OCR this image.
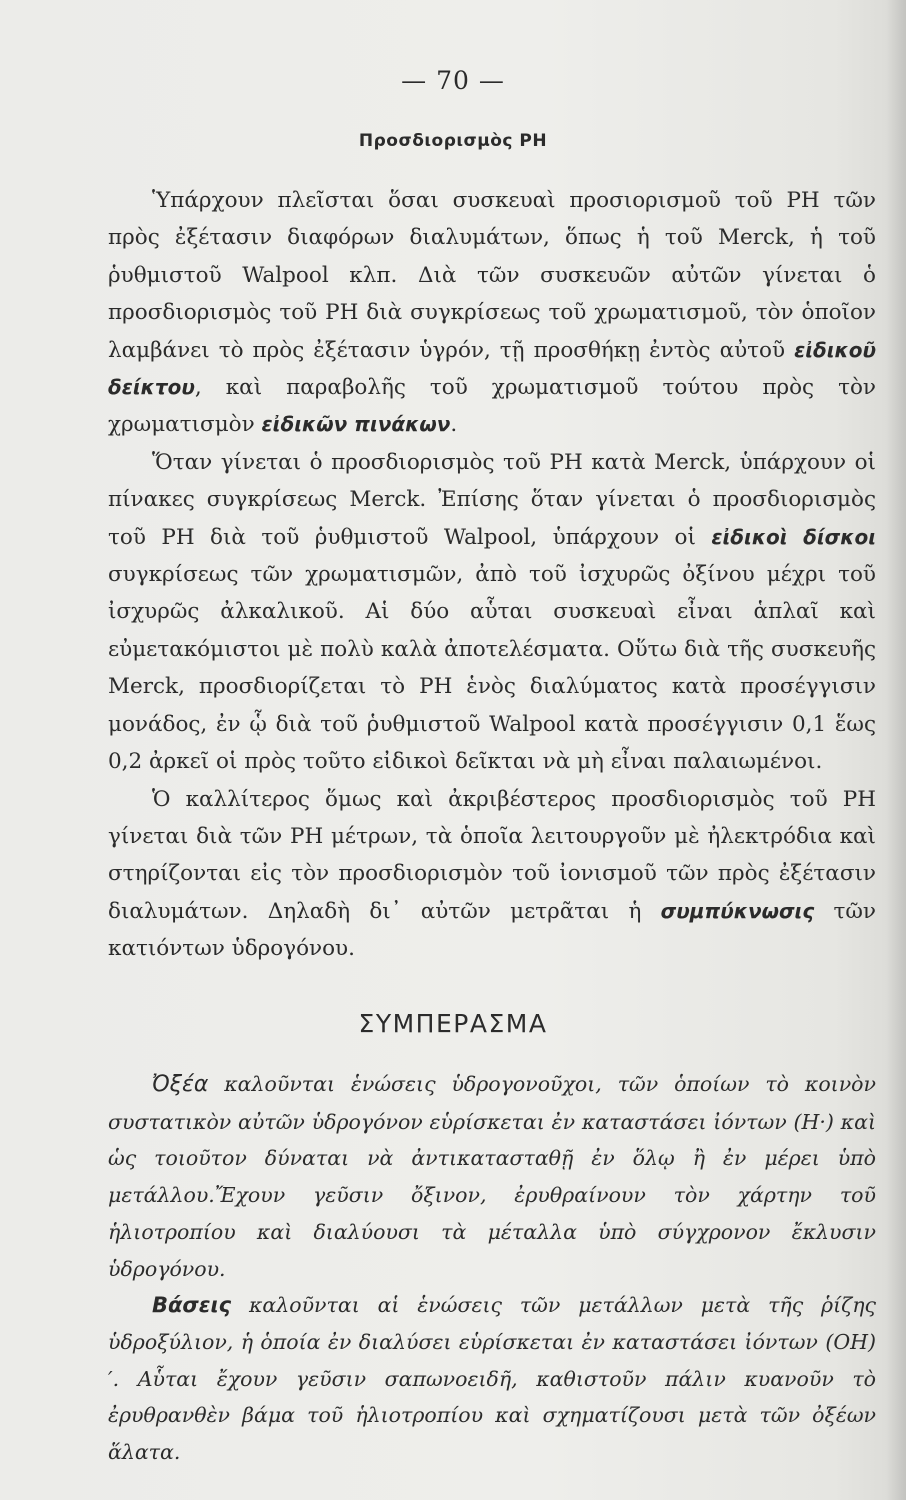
— 70 —
Προσδιορισμὸς PH

Ὑπάρχουν πλεῖσται ὅσαι συσκευαὶ προσιορισμοῦ τοῦ PH τῶν πρὸς ἐξέτασιν διαφόρων διαλυμάτων, ὅπως ἡ τοῦ Merck, ἡ τοῦ ῥυθμιστοῦ Walpool κλπ. Διὰ τῶν συσκευῶν αὐτῶν γίνεται ὁ προσδιορισμὸς τοῦ PH διὰ συγκρίσεως τοῦ χρωματισμοῦ, τὸν ὁποῖον λαμβάνει τὸ πρὸς ἐξέτασιν ὑγρόν, τῇ προσθήκῃ ἐντὸς αὐτοῦ εἰδικοῦ δείκτου, καὶ παραβολῆς τοῦ χρωματισμοῦ τούτου πρὸς τὸν χρωματισμὸν εἰδικῶν πινάκων.

Ὅταν γίνεται ὁ προσδιορισμὸς τοῦ PH κατὰ Merck, ὑπάρχουν οἱ πίνακες συγκρίσεως Merck. Ἐπίσης ὅταν γίνεται ὁ προσδιορισμὸς τοῦ PH διὰ τοῦ ῥυθμιστοῦ Walpool, ὑπάρχουν οἱ εἰδικοὶ δίσκοι συγκρίσεως τῶν χρωματισμῶν, ἀπὸ τοῦ ἰσχυρῶς ὀξίνου μέχρι τοῦ ἰσχυρῶς ἀλκαλικοῦ. Αἱ δύο αὗται συσκευαὶ εἶναι ἁπλαῖ καὶ εὐμετακόμιστοι μὲ πολὺ καλὰ ἀποτελέσματα. Οὕτω διὰ τῆς συσκευῆς Merck, προσδιορίζεται τὸ PH ἑνὸς διαλύματος κατὰ προσέγγισιν μονάδος, ἐν ᾧ διὰ τοῦ ῥυθμιστοῦ Walpool κατὰ προσέγγισιν 0,1 ἕως 0,2 ἀρκεῖ οἱ πρὸς τοῦτο εἰδικοὶ δεῖκται νὰ μὴ εἶναι παλαιωμένοι.

Ὁ καλλίτερος ὅμως καὶ ἀκριβέστερος προσδιορισμὸς τοῦ PH γίνεται διὰ τῶν PH μέτρων, τὰ ὁποῖα λειτουργοῦν μὲ ἠλεκτρόδια καὶ στηρίζονται εἰς τὸν προσδιορισμὸν τοῦ ἰονισμοῦ τῶν πρὸς ἐξέτασιν διαλυμάτων. Δηλαδὴ δι᾽ αὐτῶν μετρᾶται ἡ συμπύκνωσις τῶν κατιόντων ὑδρογόνου.

ΣΥΜΠΕΡΑΣΜΑ

Ὀξέα καλοῦνται ἑνώσεις ὑδρογονοῦχοι, τῶν ὁποίων τὸ κοινὸν συστατικὸν αὐτῶν ὑδρογόνον εὑρίσκεται ἐν καταστάσει ἰόντων (H·) καὶ ὡς τοιοῦτον δύναται νὰ ἀντικατασταθῇ ἐν ὅλῳ ἢ ἐν μέρει ὑπὸ μετάλλου.Ἔχουν γεῦσιν ὄξινον, ἐρυθραίνουν τὸν χάρτην τοῦ ἡλιοτροπίου καὶ διαλύουσι τὰ μέταλλα ὑπὸ σύγχρονον ἔκλυσιν ὑδρογόνου.

Βάσεις καλοῦνται αἱ ἑνώσεις τῶν μετάλλων μετὰ τῆς ῥίζης ὑδροξύλιον, ἡ ὁποία ἐν διαλύσει εὑρίσκεται ἐν καταστάσει ἰόντων (OH)′. Αὗται ἔχουν γεῦσιν σαπωνοειδῆ, καθιστοῦν πάλιν κυανοῦν τὸ ἐρυθρανθὲν βάμα τοῦ ἡλιοτροπίου καὶ σχηματίζουσι μετὰ τῶν ὀξέων ἅλατα.
